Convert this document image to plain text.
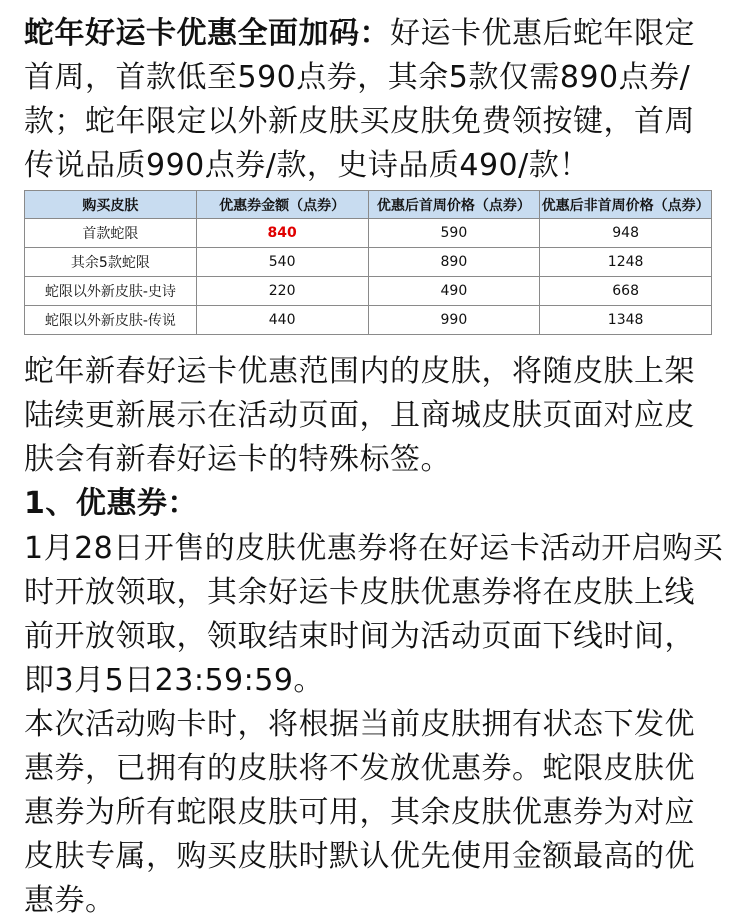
蛇年好运卡优惠全面加码：好运卡优惠后蛇年限定首周，首款低至590点券，其余5款仅需890点券/款；蛇年限定以外新皮肤买皮肤免费领按键，首周传说品质990点券/款，史诗品质490/款！

购买皮肤	优惠券金额（点券）	优惠后首周价格（点券）	优惠后非首周价格（点券）
首款蛇限	840	590	948
其余5款蛇限	540	890	1248
蛇限以外新皮肤-史诗	220	490	668
蛇限以外新皮肤-传说	440	990	1348

蛇年新春好运卡优惠范围内的皮肤，将随皮肤上架陆续更新展示在活动页面，且商城皮肤页面对应皮肤会有新春好运卡的特殊标签。

1、优惠券：

1月28日开售的皮肤优惠券将在好运卡活动开启购买时开放领取，其余好运卡皮肤优惠券将在皮肤上线前开放领取，领取结束时间为活动页面下线时间，即3月5日23:59:59。

本次活动购卡时，将根据当前皮肤拥有状态下发优惠券，已拥有的皮肤将不发放优惠券。蛇限皮肤优惠券为所有蛇限皮肤可用，其余皮肤优惠券为对应皮肤专属，购买皮肤时默认优先使用金额最高的优惠券。
